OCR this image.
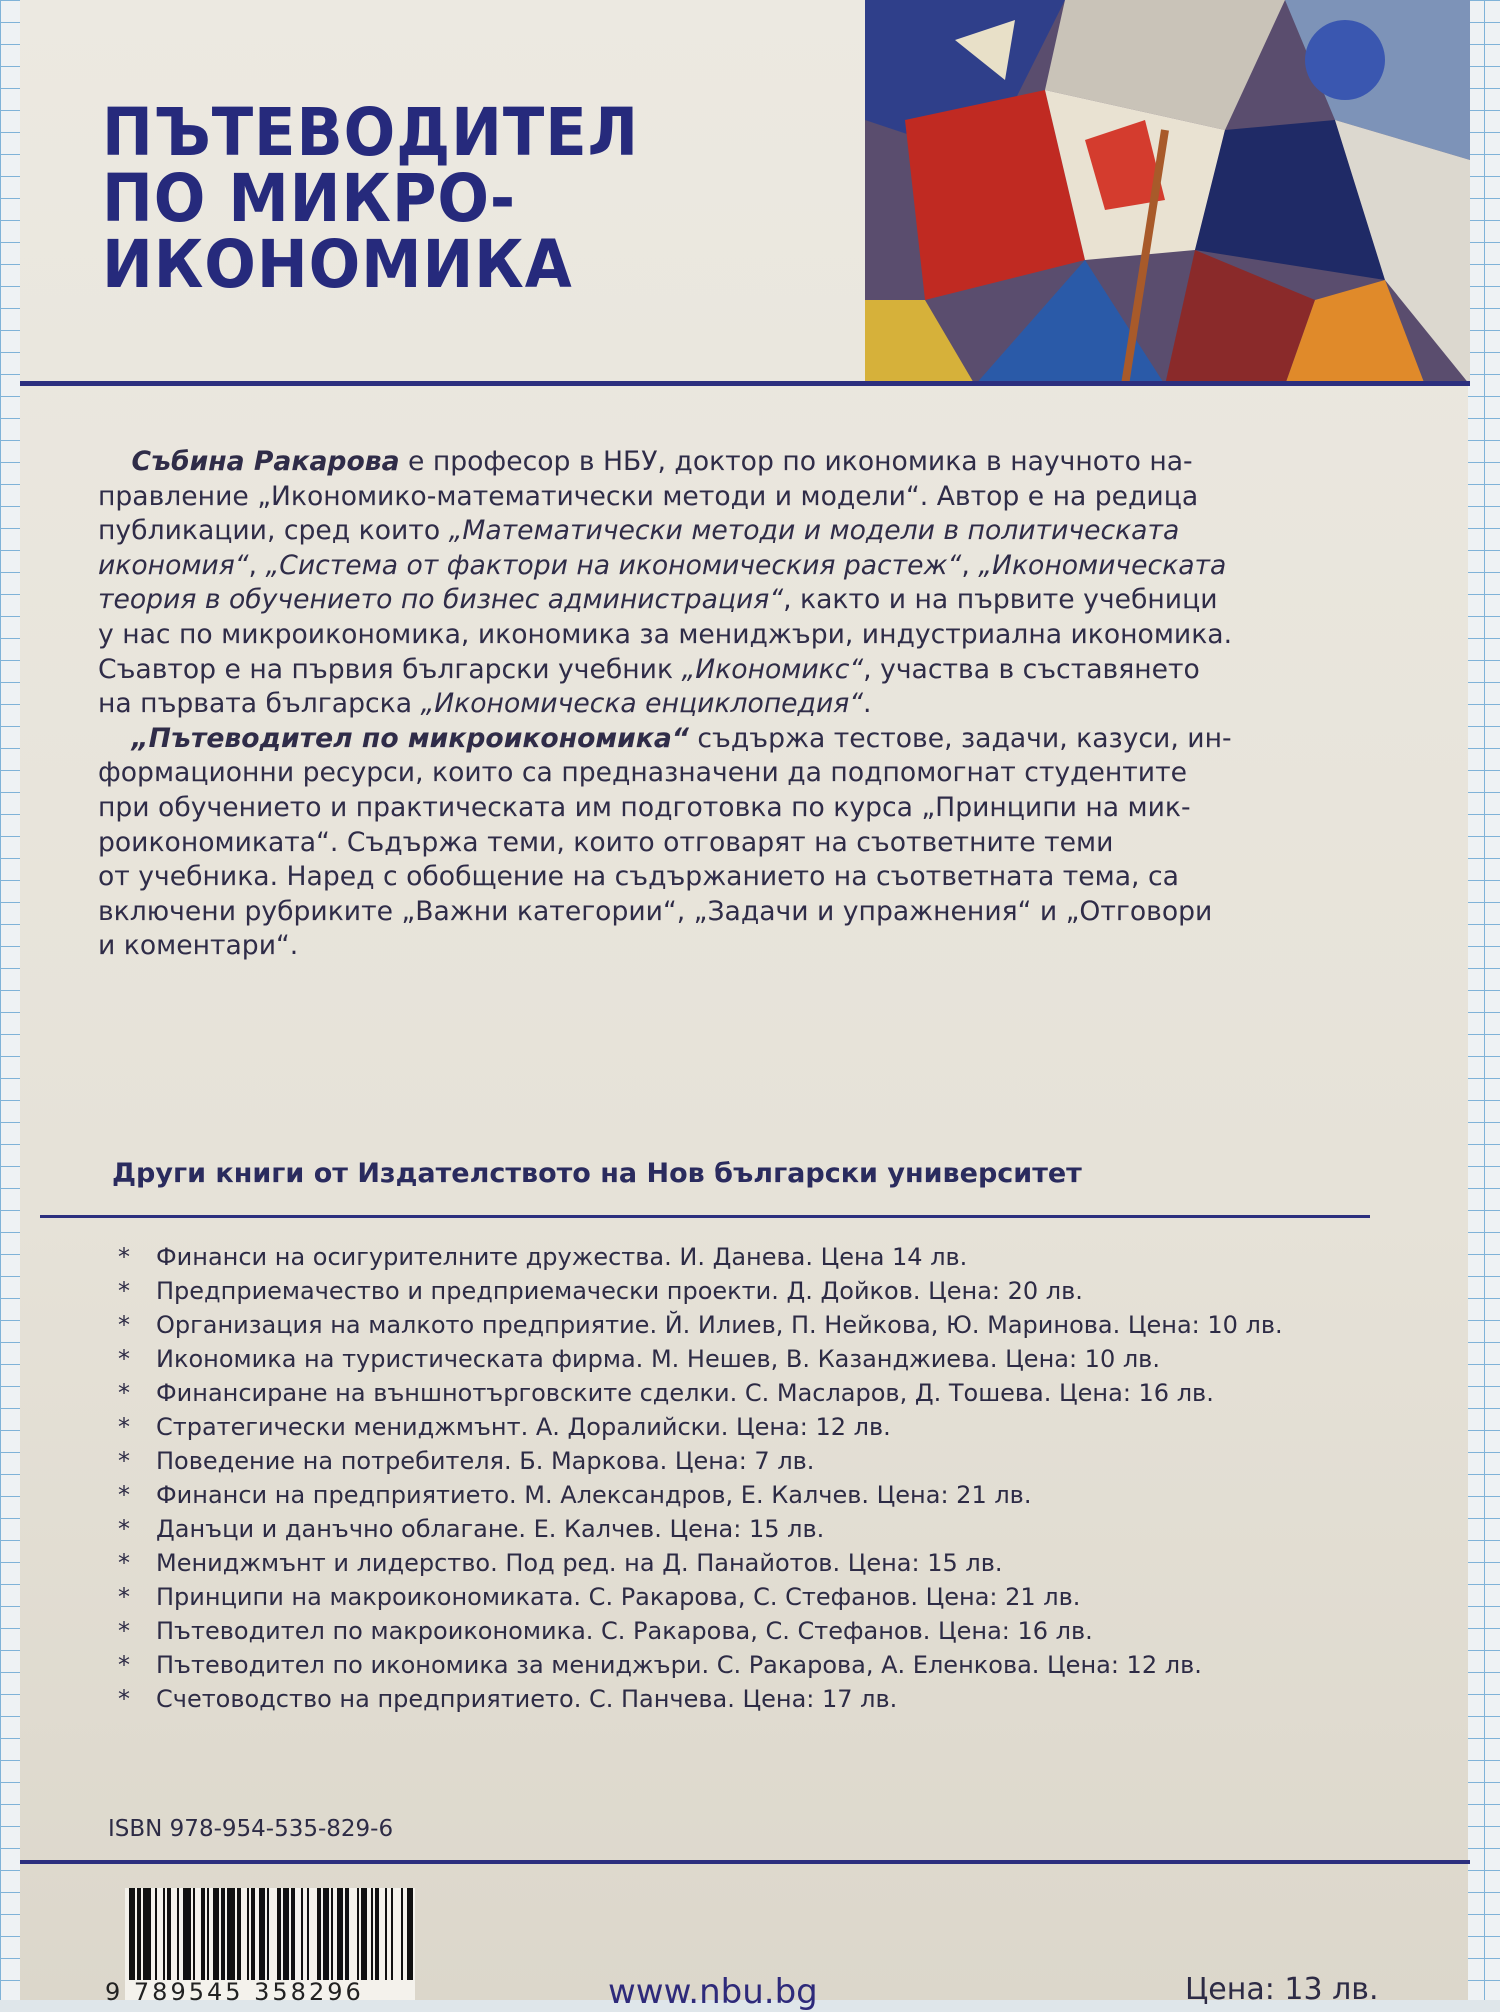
ПЪТЕВОДИТЕЛ
ПО МИКРО-
ИКОНОМИКА
Събина Ракарова е професор в НБУ, доктор по икономика в научното на-
правление „Икономико-математически методи и модели“. Автор е на редица
публикации, сред които „Математически методи и модели в политическата
икономия“, „Система от фактори на икономическия растеж“, „Икономическата
теория в обучението по бизнес администрация“, както и на първите учебници
у нас по микроикономика, икономика за мениджъри, индустриална икономика.
Съавтор е на първия български учебник „Икономикс“, участва в съставянето
на първата българска „Икономическа енциклопедия“.
„Пътеводител по микроикономика“ съдържа тестове, задачи, казуси, ин-
формационни ресурси, които са предназначени да подпомогнат студентите
при обучението и практическата им подготовка по курса „Принципи на мик-
роикономиката“. Съдържа теми, които отговарят на съответните теми
от учебника. Наред с обобщение на съдържанието на съответната тема, са
включени рубриките „Важни категории“, „Задачи и упражнения“ и „Отговори
и коментари“.
Други книги от Издателството на Нов български университет
* Финанси на осигурителните дружества. И. Данева. Цена 14 лв.
* Предприемачество и предприемачески проекти. Д. Дойков. Цена: 20 лв.
* Организация на малкото предприятие. Й. Илиев, П. Нейкова, Ю. Маринова. Цена: 10 лв.
* Икономика на туристическата фирма. М. Нешев, В. Казанджиева. Цена: 10 лв.
* Финансиране на външнотърговските сделки. С. Масларов, Д. Тошева. Цена: 16 лв.
* Стратегически мениджмънт. А. Доралийски. Цена: 12 лв.
* Поведение на потребителя. Б. Маркова. Цена: 7 лв.
* Финанси на предприятието. М. Александров, Е. Калчев. Цена: 21 лв.
* Данъци и данъчно облагане. Е. Калчев. Цена: 15 лв.
* Мениджмънт и лидерство. Под ред. на Д. Панайотов. Цена: 15 лв.
* Принципи на макроикономиката. С. Ракарова, С. Стефанов. Цена: 21 лв.
* Пътеводител по макроикономика. С. Ракарова, С. Стефанов. Цена: 16 лв.
* Пътеводител по икономика за мениджъри. С. Ракарова, А. Еленкова. Цена: 12 лв.
* Счетоводство на предприятието. С. Панчева. Цена: 17 лв.
ISBN 978-954-535-829-6
9 789545 358296	www.nbu.bg	Цена: 13 лв.
